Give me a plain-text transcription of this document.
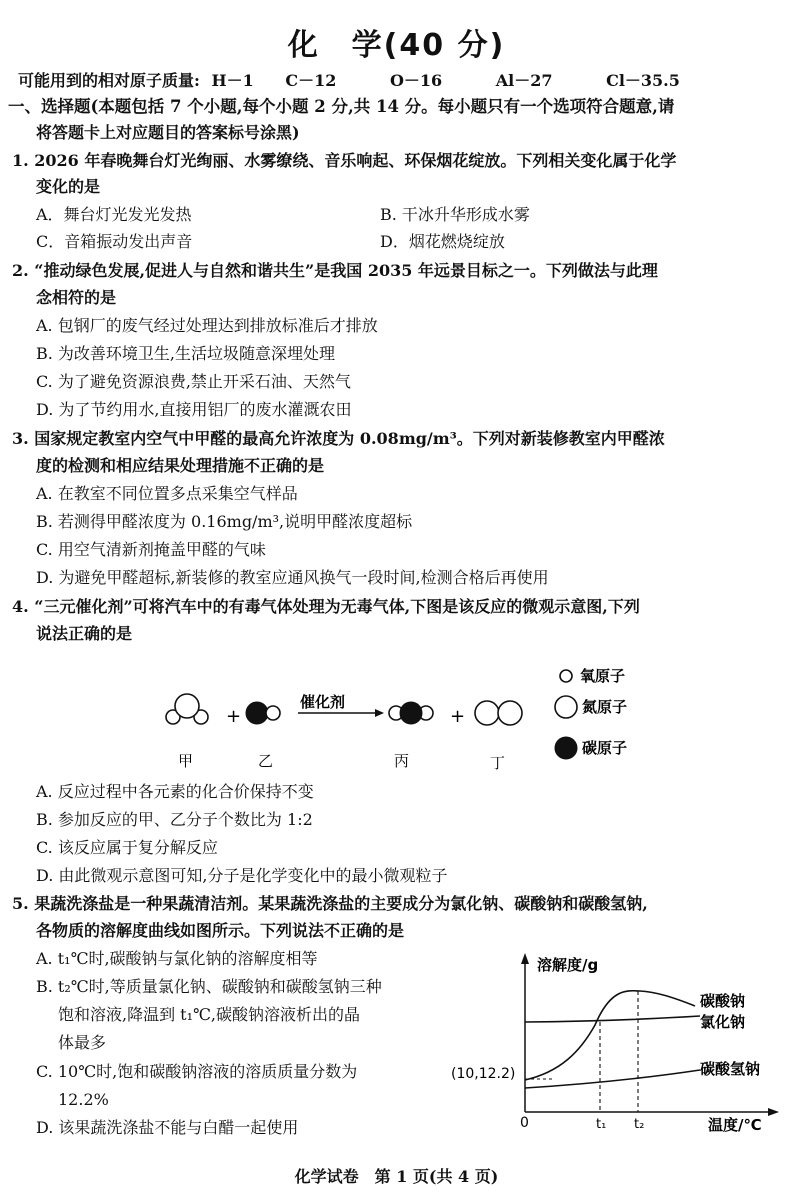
化　学(40 分)
可能用到的相对原子质量: H－1 C－12	O－16	Al－27	Cl－35.5
一、选择题(本题包括 7 个小题,每个小题 2 分,共 14 分。每小题只有一个选项符合题意,请
将答题卡上对应题目的答案标号涂黑)
1. 2026 年春晚舞台灯光绚丽、水雾缭绕、音乐响起、环保烟花绽放。下列相关变化属于化学
变化的是
A．舞台灯光发光发热	B. 干冰升华形成水雾
C．音箱振动发出声音	D．烟花燃烧绽放
2. “推动绿色发展,促进人与自然和谐共生”是我国 2035 年远景目标之一。下列做法与此理
念相符的是
A. 包钢厂的废气经过处理达到排放标准后才排放
B. 为改善环境卫生,生活垃圾随意深埋处理
C. 为了避免资源浪费,禁止开采石油、天然气
D. 为了节约用水,直接用铝厂的废水灌溉农田
3. 国家规定教室内空气中甲醛的最高允许浓度为 0.08mg/m³。下列对新装修教室内甲醛浓
度的检测和相应结果处理措施不正确的是
A. 在教室不同位置多点采集空气样品
B. 若测得甲醛浓度为 0.16mg/m³,说明甲醛浓度超标
C. 用空气清新剂掩盖甲醛的气味
D. 为避免甲醛超标,新装修的教室应通风换气一段时间,检测合格后再使用
4. “三元催化剂”可将汽车中的有毒气体处理为无毒气体,下图是该反应的微观示意图,下列
说法正确的是
+
催化剂
+
甲	乙	丙	丁
氧原子
氮原子
碳原子
A. 反应过程中各元素的化合价保持不变
B. 参加反应的甲、乙分子个数比为 1:2
C. 该反应属于复分解反应
D. 由此微观示意图可知,分子是化学变化中的最小微观粒子
5. 果蔬洗涤盐是一种果蔬清洁剂。某果蔬洗涤盐的主要成分为氯化钠、碳酸钠和碳酸氢钠,
各物质的溶解度曲线如图所示。下列说法不正确的是
A. t₁℃时,碳酸钠与氯化钠的溶解度相等
B. t₂℃时,等质量氯化钠、碳酸钠和碳酸氢钠三种
饱和溶液,降温到 t₁℃,碳酸钠溶液析出的晶
体最多
C. 10℃时,饱和碳酸钠溶液的溶质质量分数为
12.2%
D. 该果蔬洗涤盐不能与白醋一起使用
溶解度/g
温度/℃
0	t₁ t₂
(10,12.2)
碳酸钠
氯化钠
碳酸氢钠
化学试卷　第 1 页(共 4 页)
